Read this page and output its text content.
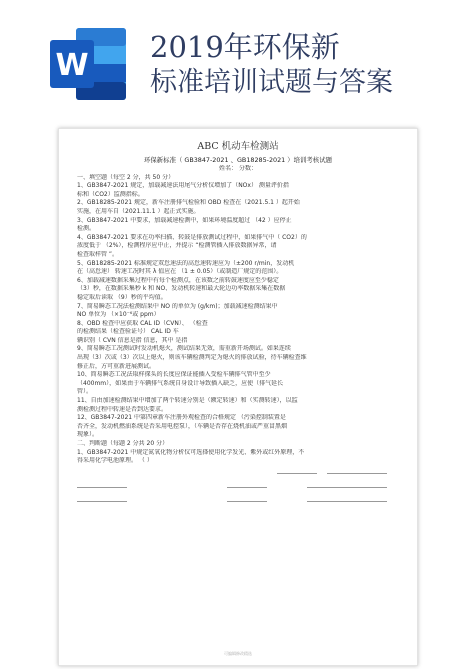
W
2019年环保新
标准培训试题与答案
ABC 机动车检测站
环保新标准（ GB3847-2021 、GB18285-2021 ）培训考核试题
姓名： 分数：
一、填空题（每空 2 分，共 50 分）
1、GB3847-2021 规定，加载减速法用尾气分析仪增加了（NOx） 测量评价指
标和（CO2）监测指标。
2、GB18285-2021 规定，新车注册排气检验和 OBD 检查在（2021.5.1 ）起开始
实施，在用车自（2021.11.1 ）起正式实施。
3、GB3847-2021 中要求，加载减速检测中，如果环境温度超过 （42 ）应停止
检测。
4、GB3847-2021 要求在功率扫描、转鼓是排放测试过程中，如果排气中（ CO2）的
浓度低于 （2%），检测程序应中止，并提示 “检测管插入排放数据异常，请
检查取样管 ”。
5、GB18285-2021 标准规定双怠速法的高怠速转速应为（±200 r/min，发动机
在（高怠速） 转速工况时其 λ 值应在 （1 ± 0.05）（或制造厂规定的范围）。
6、加载减速数据采集过程中有每个检测点，在该数之前转鼓速度应至少稳定
（3）秒，在数据采集秒 k 和 NO、发动机转速和最大轮边功率数据采集在数据
稳定取后读取 （9）秒的平均值。
7、简易瞬态工况法检测结果中 NO 的单位为 (g/km)；加载减速检测结果中
NO 单位为 （×10⁻⁶或 ppm）
8、OBD 检查中应获取 CAL ID（CVN）、 （检查
的检测结果（检查验证号） CAL ID 车
辆识别（ CVN 信息是指 信息，其中 是指
9、简易瞬态工况测试时发动机熄火，测试结果无效，需重新开场测试。如果连续
出现（3）次或（3）次以上熄火，则该车辆检测判定为熄火的排放试验，待车辆检查维
修正后，方可重新进展测试。
10、简易瞬态工况法取样探头的长度应保证能插入受检车辆排气管中至少
（400mm），如果由于车辆排气系统自身设计导致插入缺乏，应使（排气延长
管）。
11、自由加速检测结果中增加了两个转速分别是（额定转速）和（实测转速），以监
测检测过程中转速是否到达要求。
12、GB3847-2021 中第四章新车注册外观检查的合格规定 （污染控制装置是
否齐全，发动机燃油系统是否采用电控泵），（车辆是否存在烧机油或严重冒黑烟
现象）。
二、判断题（每题 2 分共 20 分）
1、GB3847-2021 中规定氮氧化物分析仪可选择使用化学发光、紫外或红外原理，不
得采用化学电池原理。 （ ）
可编辑修改精选
